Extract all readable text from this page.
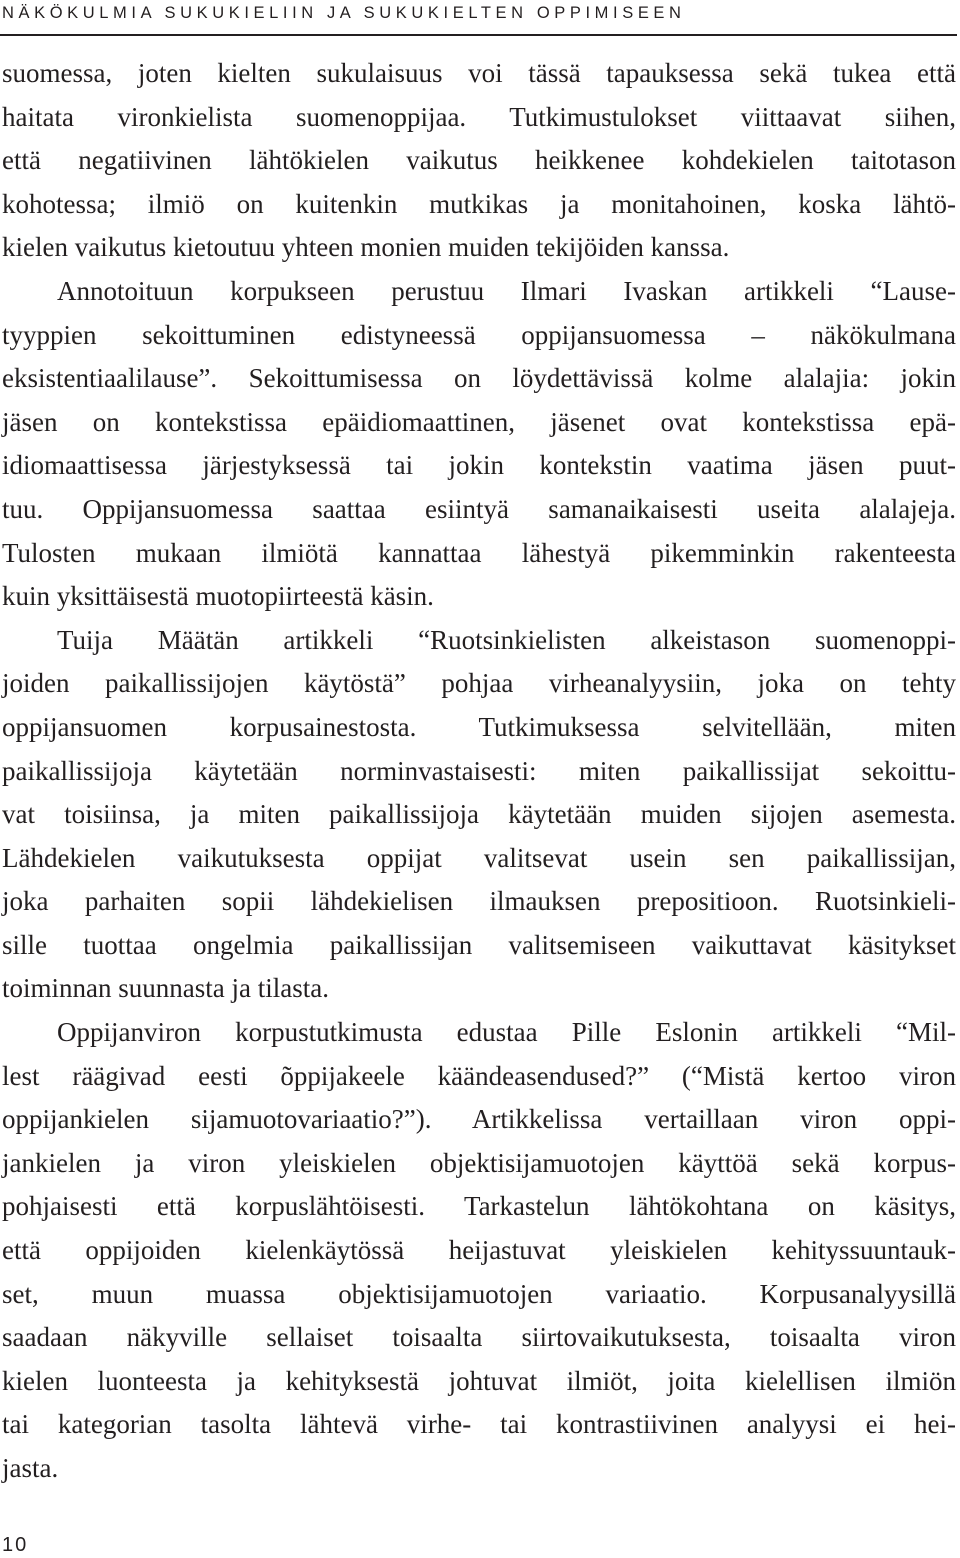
NÄKÖKULMIA SUKUKIELIIN JA SUKUKIELTEN OPPIMISEEN
suomessa, joten kielten sukulaisuus voi tässä tapauksessa sekä tukea että
haitata vironkielista suomenoppijaa. Tutkimustulokset viittaavat siihen,
että negatiivinen lähtökielen vaikutus heikkenee kohdekielen taitotason
kohotessa; ilmiö on kuitenkin mutkikas ja monitahoinen, koska lähtö-
kielen vaikutus kietoutuu yhteen monien muiden tekijöiden kanssa.
Annotoituun korpukseen perustuu Ilmari Ivaskan artikkeli “Lause-
tyyppien sekoittuminen edistyneessä oppijansuomessa – näkökulmana
eksistentiaalilause”. Sekoittumisessa on löydettävissä kolme alalajia: jokin
jäsen on kontekstissa epäidiomaattinen, jäsenet ovat kontekstissa epä-
idiomaattisessa järjestyksessä tai jokin kontekstin vaatima jäsen puut-
tuu. Oppijansuomessa saattaa esiintyä samanaikaisesti useita alalajeja.
Tulosten mukaan ilmiötä kannattaa lähestyä pikemminkin rakenteesta
kuin yksittäisestä muotopiirteestä käsin.
Tuija Määtän artikkeli “Ruotsinkielisten alkeistason suomenoppi-
joiden paikallissijojen käytöstä” pohjaa virheanalyysiin, joka on tehty
oppijansuomen korpusainestosta. Tutkimuksessa selvitellään, miten
paikallissijoja käytetään norminvastaisesti: miten paikallissijat sekoittu-
vat toisiinsa, ja miten paikallissijoja käytetään muiden sijojen asemesta.
Lähdekielen vaikutuksesta oppijat valitsevat usein sen paikallissijan,
joka parhaiten sopii lähdekielisen ilmauksen prepositioon. Ruotsinkieli-
sille tuottaa ongelmia paikallissijan valitsemiseen vaikuttavat käsitykset
toiminnan suunnasta ja tilasta.
Oppijanviron korpustutkimusta edustaa Pille Eslonin artikkeli “Mil-
lest räägivad eesti õppijakeele käändeasendused?” (“Mistä kertoo viron
oppijankielen sijamuotovariaatio?”). Artikkelissa vertaillaan viron oppi-
jankielen ja viron yleiskielen objektisijamuotojen käyttöä sekä korpus-
pohjaisesti että korpuslähtöisesti. Tarkastelun lähtökohtana on käsitys,
että oppijoiden kielenkäytössä heijastuvat yleiskielen kehityssuuntauk-
set, muun muassa objektisijamuotojen variaatio. Korpusanalyysillä
saadaan näkyville sellaiset toisaalta siirtovaikutuksesta, toisaalta viron
kielen luonteesta ja kehityksestä johtuvat ilmiöt, joita kielellisen ilmiön
tai kategorian tasolta lähtevä virhe- tai kontrastiivinen analyysi ei hei-
jasta.
10
